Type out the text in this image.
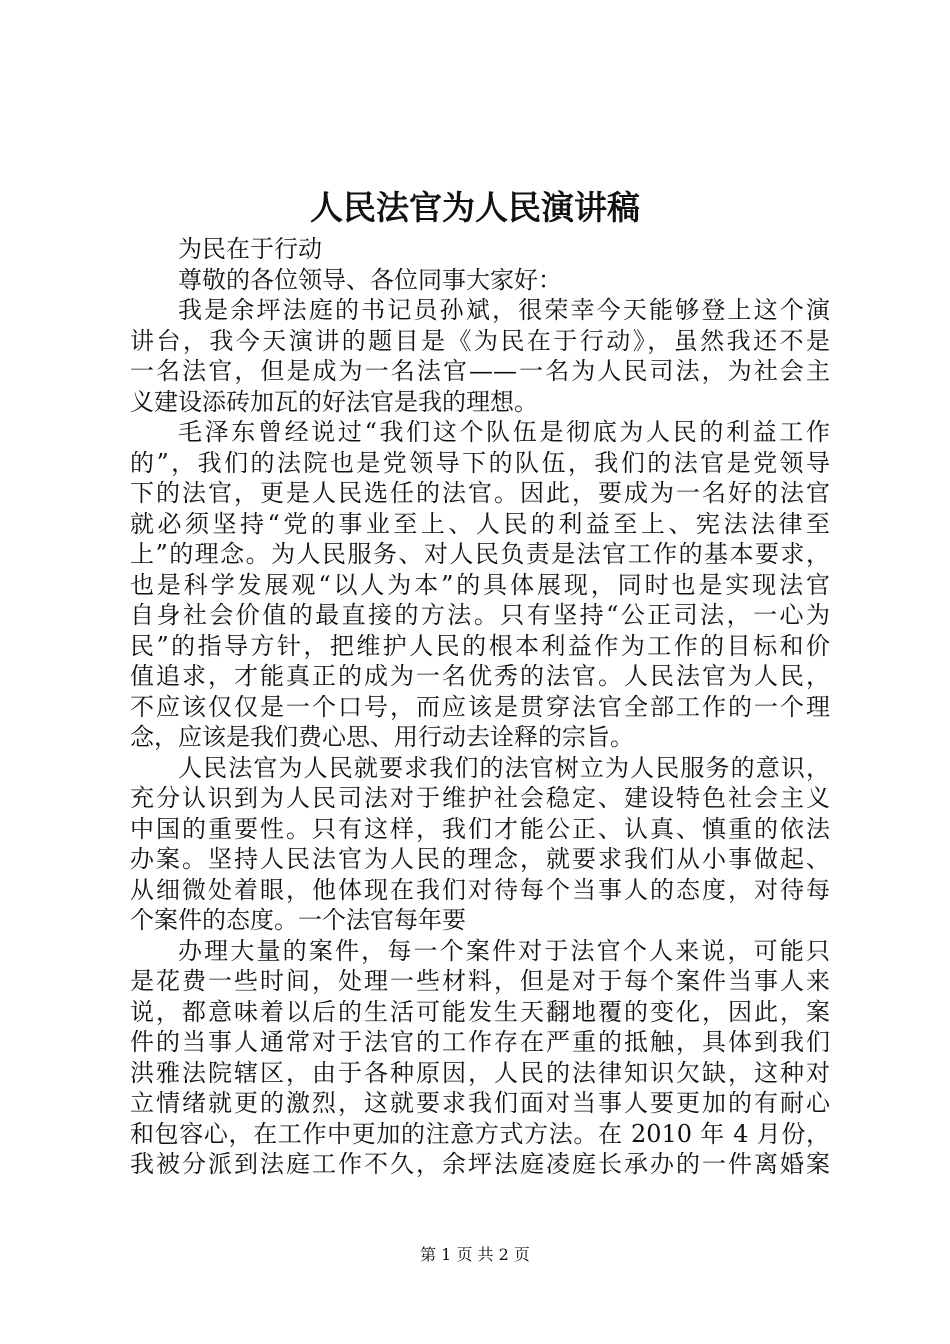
人民法官为人民演讲稿
为民在于行动
尊敬的各位领导、各位同事大家好：
我是余坪法庭的书记员孙斌，很荣幸今天能够登上这个演
讲台，我今天演讲的题目是《为民在于行动》，虽然我还不是
一名法官，但是成为一名法官——一名为人民司法，为社会主
义建设添砖加瓦的好法官是我的理想。
毛泽东曾经说过“我们这个队伍是彻底为人民的利益工作
的”，我们的法院也是党领导下的队伍，我们的法官是党领导
下的法官，更是人民选任的法官。因此，要成为一名好的法官
就必须坚持“党的事业至上、人民的利益至上、宪法法律至
上”的理念。为人民服务、对人民负责是法官工作的基本要求，
也是科学发展观“以人为本”的具体展现，同时也是实现法官
自身社会价值的最直接的方法。只有坚持“公正司法，一心为
民”的指导方针，把维护人民的根本利益作为工作的目标和价
值追求，才能真正的成为一名优秀的法官。人民法官为人民，
不应该仅仅是一个口号，而应该是贯穿法官全部工作的一个理
念，应该是我们费心思、用行动去诠释的宗旨。
人民法官为人民就要求我们的法官树立为人民服务的意识，
充分认识到为人民司法对于维护社会稳定、建设特色社会主义
中国的重要性。只有这样，我们才能公正、认真、慎重的依法
办案。坚持人民法官为人民的理念，就要求我们从小事做起、
从细微处着眼，他体现在我们对待每个当事人的态度，对待每
个案件的态度。一个法官每年要
办理大量的案件，每一个案件对于法官个人来说，可能只
是花费一些时间，处理一些材料，但是对于每个案件当事人来
说，都意味着以后的生活可能发生天翻地覆的变化，因此，案
件的当事人通常对于法官的工作存在严重的抵触，具体到我们
洪雅法院辖区，由于各种原因，人民的法律知识欠缺，这种对
立情绪就更的激烈，这就要求我们面对当事人要更加的有耐心
和包容心，在工作中更加的注意方式方法。在 2010 年 4 月份，
我被分派到法庭工作不久，余坪法庭凌庭长承办的一件离婚案
第 1 页 共 2 页
